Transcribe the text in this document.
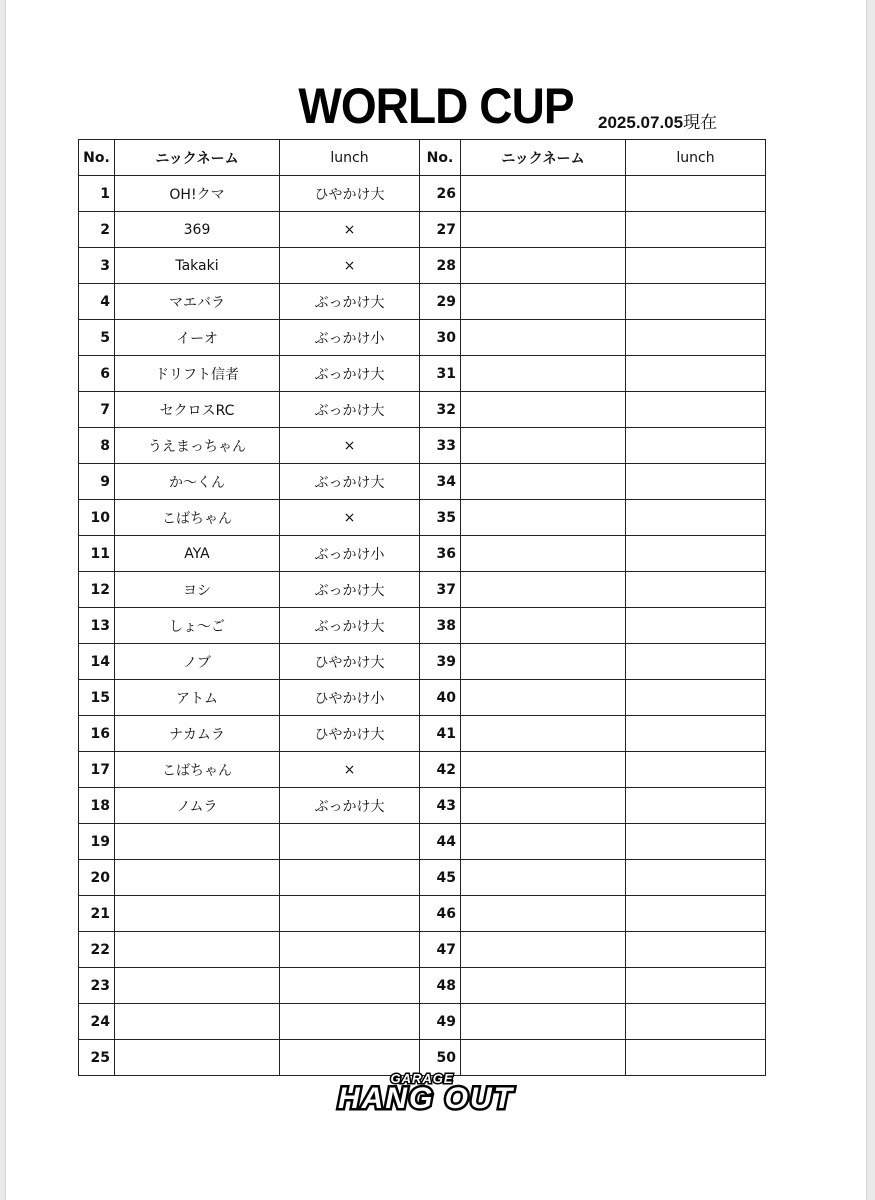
WORLD CUP 2025.07.05現在
No.	ニックネーム	lunch	No.	ニックネーム	lunch
1	OH!クマ	ひやかけ大	26		
2	369	×	27		
3	Takaki	×	28		
4	マエバラ	ぶっかけ大	29		
5	イーオ	ぶっかけ小	30		
6	ドリフト信者	ぶっかけ大	31		
7	セクロスRC	ぶっかけ大	32		
8	うえまっちゃん	×	33		
9	か～くん	ぶっかけ大	34		
10	こばちゃん	×	35		
11	AYA	ぶっかけ小	36		
12	ヨシ	ぶっかけ大	37		
13	しょ～ご	ぶっかけ大	38		
14	ノブ	ひやかけ大	39		
15	アトム	ひやかけ小	40		
16	ナカムラ	ひやかけ大	41		
17	こばちゃん	×	42		
18	ノムラ	ぶっかけ大	43		
19			44		
20			45		
21			46		
22			47		
23			48		
24			49		
25			50		
GARAGE
HANG OUT
